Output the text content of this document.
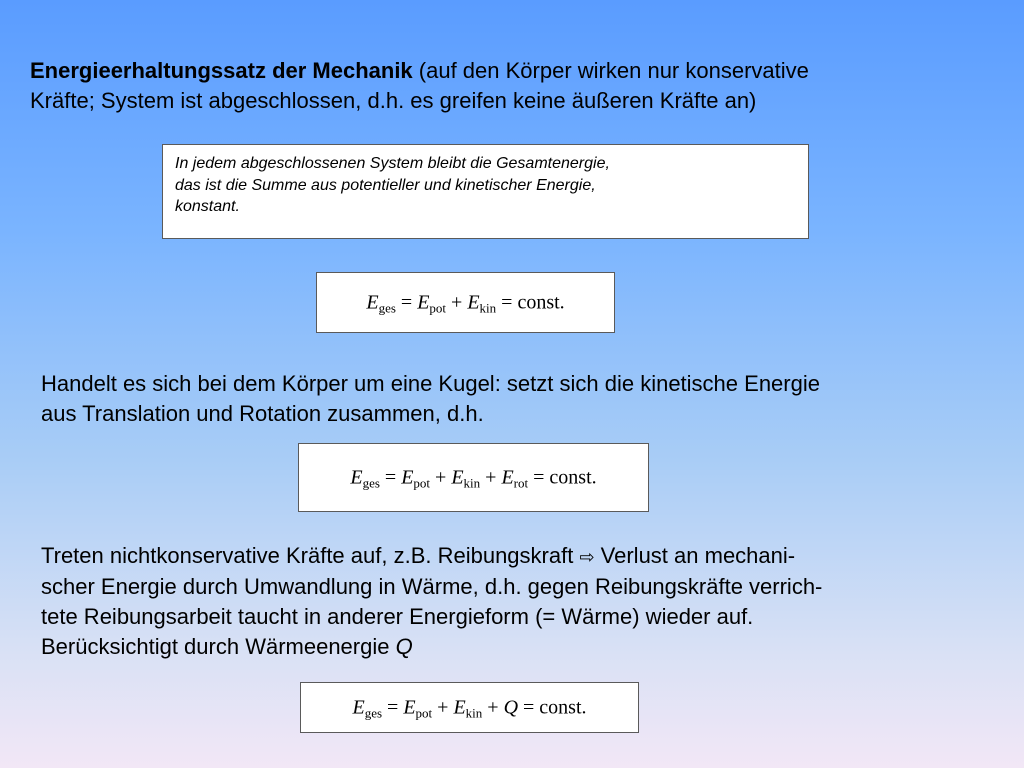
Energieerhaltungssatz der Mechanik (auf den Körper wirken nur konservative
Kräfte; System ist abgeschlossen, d.h. es greifen keine äußeren Kräfte an)

In jedem abgeschlossenen System bleibt die Gesamtenergie,
das ist die Summe aus potentieller und kinetischer Energie,
konstant.
$E_{ges} = E_{pot} + E_{kin}$ = const.

Handelt es sich bei dem Körper um eine Kugel: setzt sich die kinetische Energie
aus Translation und Rotation zusammen, d.h.

$E_{ges} = E_{pot} + E_{kin} + E_{rot}$ = const.

Treten nichtkonservative Kräfte auf, z.B. Reibungskraft ⇨ Verlust an mechani-
scher Energie durch Umwandlung in Wärme, d.h. gegen Reibungskräfte verrich-
tete Reibungsarbeit taucht in anderer Energieform (= Wärme) wieder auf.
Berücksichtigt durch Wärmeenergie Q

$E_{ges} = E_{pot} + E_{kin} + Q$ = const.
